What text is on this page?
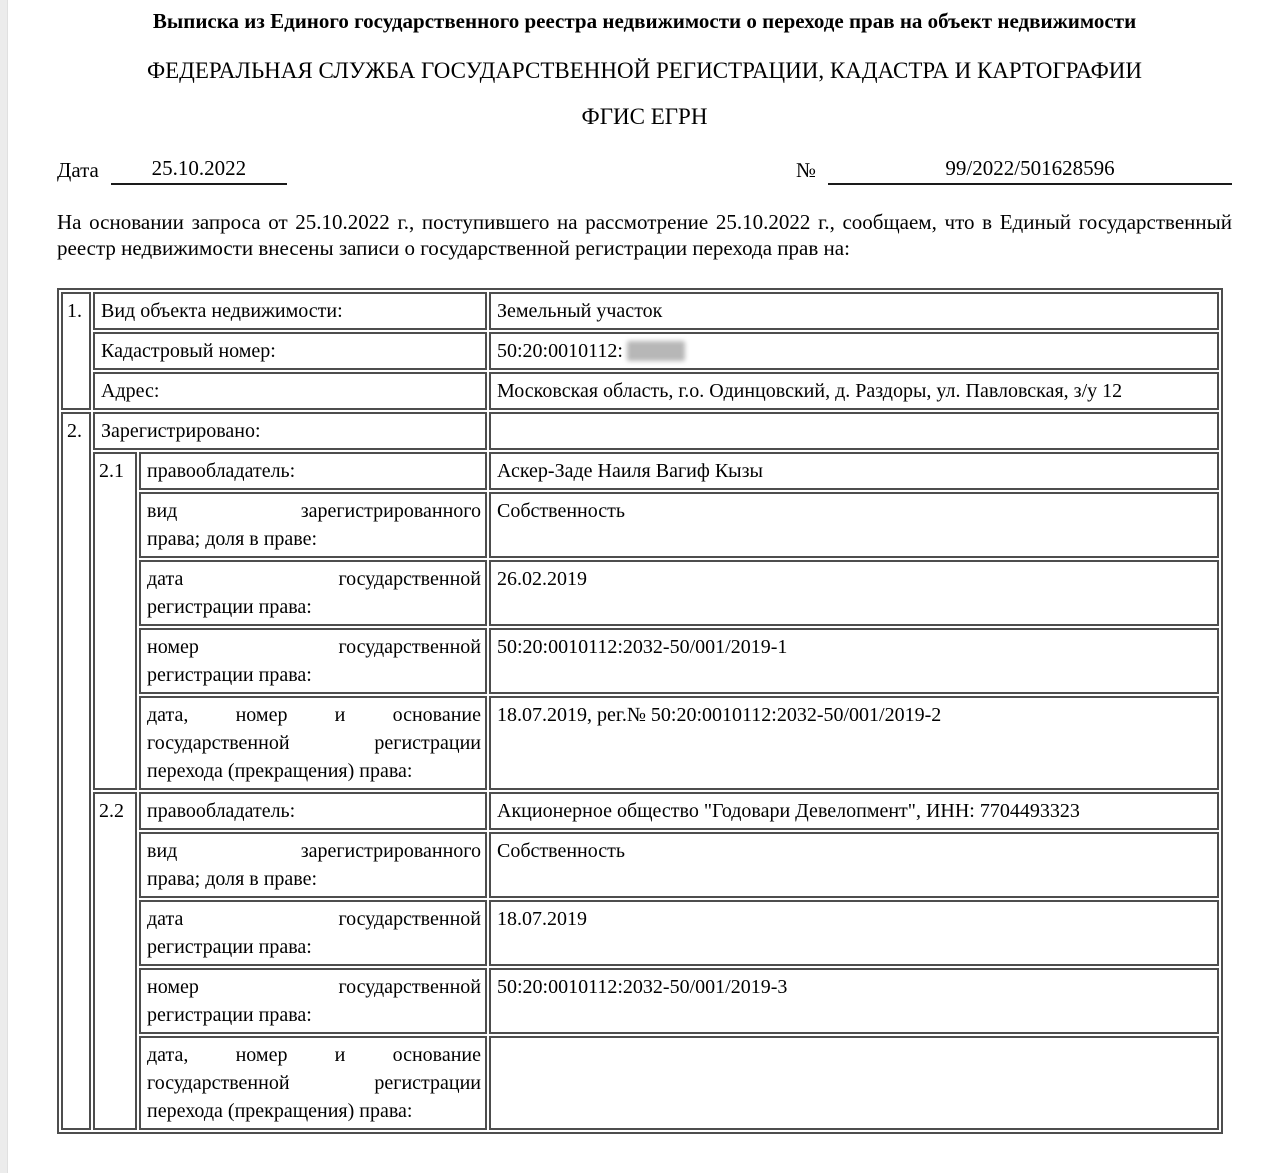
Выписка из Единого государственного реестра недвижимости о переходе прав на объект недвижимости
ФЕДЕРАЛЬНАЯ СЛУЖБА ГОСУДАРСТВЕННОЙ РЕГИСТРАЦИИ, КАДАСТРА И КАРТОГРАФИИ
ФГИС ЕГРН
Дата	25.10.2022	№	99/2022/501628596
На основании запроса от 25.10.2022 г., поступившего на рассмотрение 25.10.2022 г., сообщаем, что в Единый государственный реестр недвижимости внесены записи о государственной регистрации перехода прав на:
1.	Вид объекта недвижимости:		Земельный участок

	Кадастровый номер:		50:20:0010112:

	Адрес:		Московская область, г.о. Одинцовский, д. Раздоры, ул. Павловская, з/у 12
2.	Зарегистрировано:		

	2.1	правообладатель:	Аскер-Заде Наиля Вагиф Кызы

		вид зарегистрированного
права; доля в праве:	Собственность

		дата государственной
регистрации права:	26.02.2019

		номер государственной
регистрации права:	50:20:0010112:2032-50/001/2019-1

		дата, номер и основание
государственной регистрации
перехода (прекращения) права:	18.07.2019, рег.№ 50:20:0010112:2032-50/001/2019-2
	2.2	правообладатель:	Акционерное общество "Годовари Девелопмент", ИНН: 7704493323

		вид зарегистрированного
права; доля в праве:	Собственность

		дата государственной
регистрации права:	18.07.2019

		номер государственной
регистрации права:	50:20:0010112:2032-50/001/2019-3

		дата, номер и основание
государственной регистрации
перехода (прекращения) права:	
